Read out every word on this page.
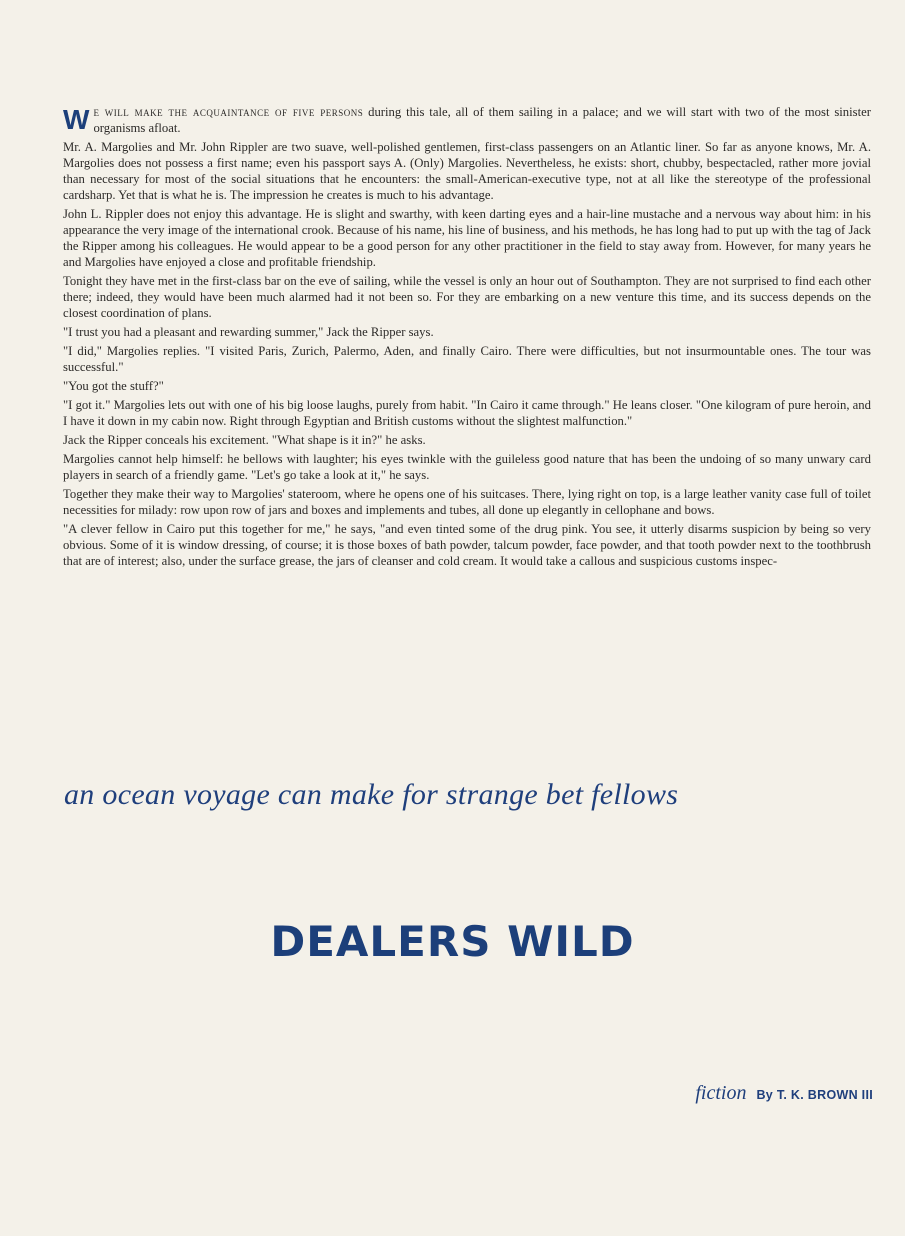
We will make the acquaintance of five persons during this tale, all of them sailing in a palace; and we will start with two of the most sinister organisms afloat.

Mr. A. Margolies and Mr. John Rippler are two suave, well-polished gentlemen, first-class passengers on an Atlantic liner. So far as anyone knows, Mr. A. Margolies does not possess a first name; even his passport says A. (Only) Margolies. Nevertheless, he exists: short, chubby, bespectacled, rather more jovial than necessary for most of the social situations that he encounters: the small-American-executive type, not at all like the stereotype of the professional cardsharp. Yet that is what he is. The impression he creates is much to his advantage.

John L. Rippler does not enjoy this advantage. He is slight and swarthy, with keen darting eyes and a hair-line mustache and a nervous way about him: in his appearance the very image of the international crook. Because of his name, his line of business, and his methods, he has long had to put up with the tag of Jack the Ripper among his colleagues. He would appear to be a good person for any other practitioner in the field to stay away from. However, for many years he and Margolies have enjoyed a close and profitable friendship.

Tonight they have met in the first-class bar on the eve of sailing, while the vessel is only an hour out of Southampton. They are not surprised to find each other there; indeed, they would have been much alarmed had it not been so. For they are embarking on a new venture this time, and its success depends on the closest coordination of plans.

"I trust you had a pleasant and rewarding summer," Jack the Ripper says.

"I did," Margolies replies. "I visited Paris, Zurich, Palermo, Aden, and finally Cairo. There were difficulties, but not insurmountable ones. The tour was successful."

"You got the stuff?"

"I got it." Margolies lets out with one of his big loose laughs, purely from habit. "In Cairo it came through." He leans closer. "One kilogram of pure heroin, and I have it down in my cabin now. Right through Egyptian and British customs without the slightest malfunction."

Jack the Ripper conceals his excitement. "What shape is it in?" he asks.

Margolies cannot help himself: he bellows with laughter; his eyes twinkle with the guileless good nature that has been the undoing of so many unwary card players in search of a friendly game. "Let's go take a look at it," he says.

Together they make their way to Margolies' stateroom, where he opens one of his suitcases. There, lying right on top, is a large leather vanity case full of toilet necessities for milady: row upon row of jars and boxes and implements and tubes, all done up elegantly in cellophane and bows.

"A clever fellow in Cairo put this together for me," he says, "and even tinted some of the drug pink. You see, it utterly disarms suspicion by being so very obvious. Some of it is window dressing, of course; it is those boxes of bath powder, talcum powder, face powder, and that tooth powder next to the toothbrush that are of interest; also, under the surface grease, the jars of cleanser and cold cream. It would take a callous and suspicious customs inspec-

an ocean voyage can make for strange bet fellows
DEALERS WILD
fiction By T. K. BROWN III
